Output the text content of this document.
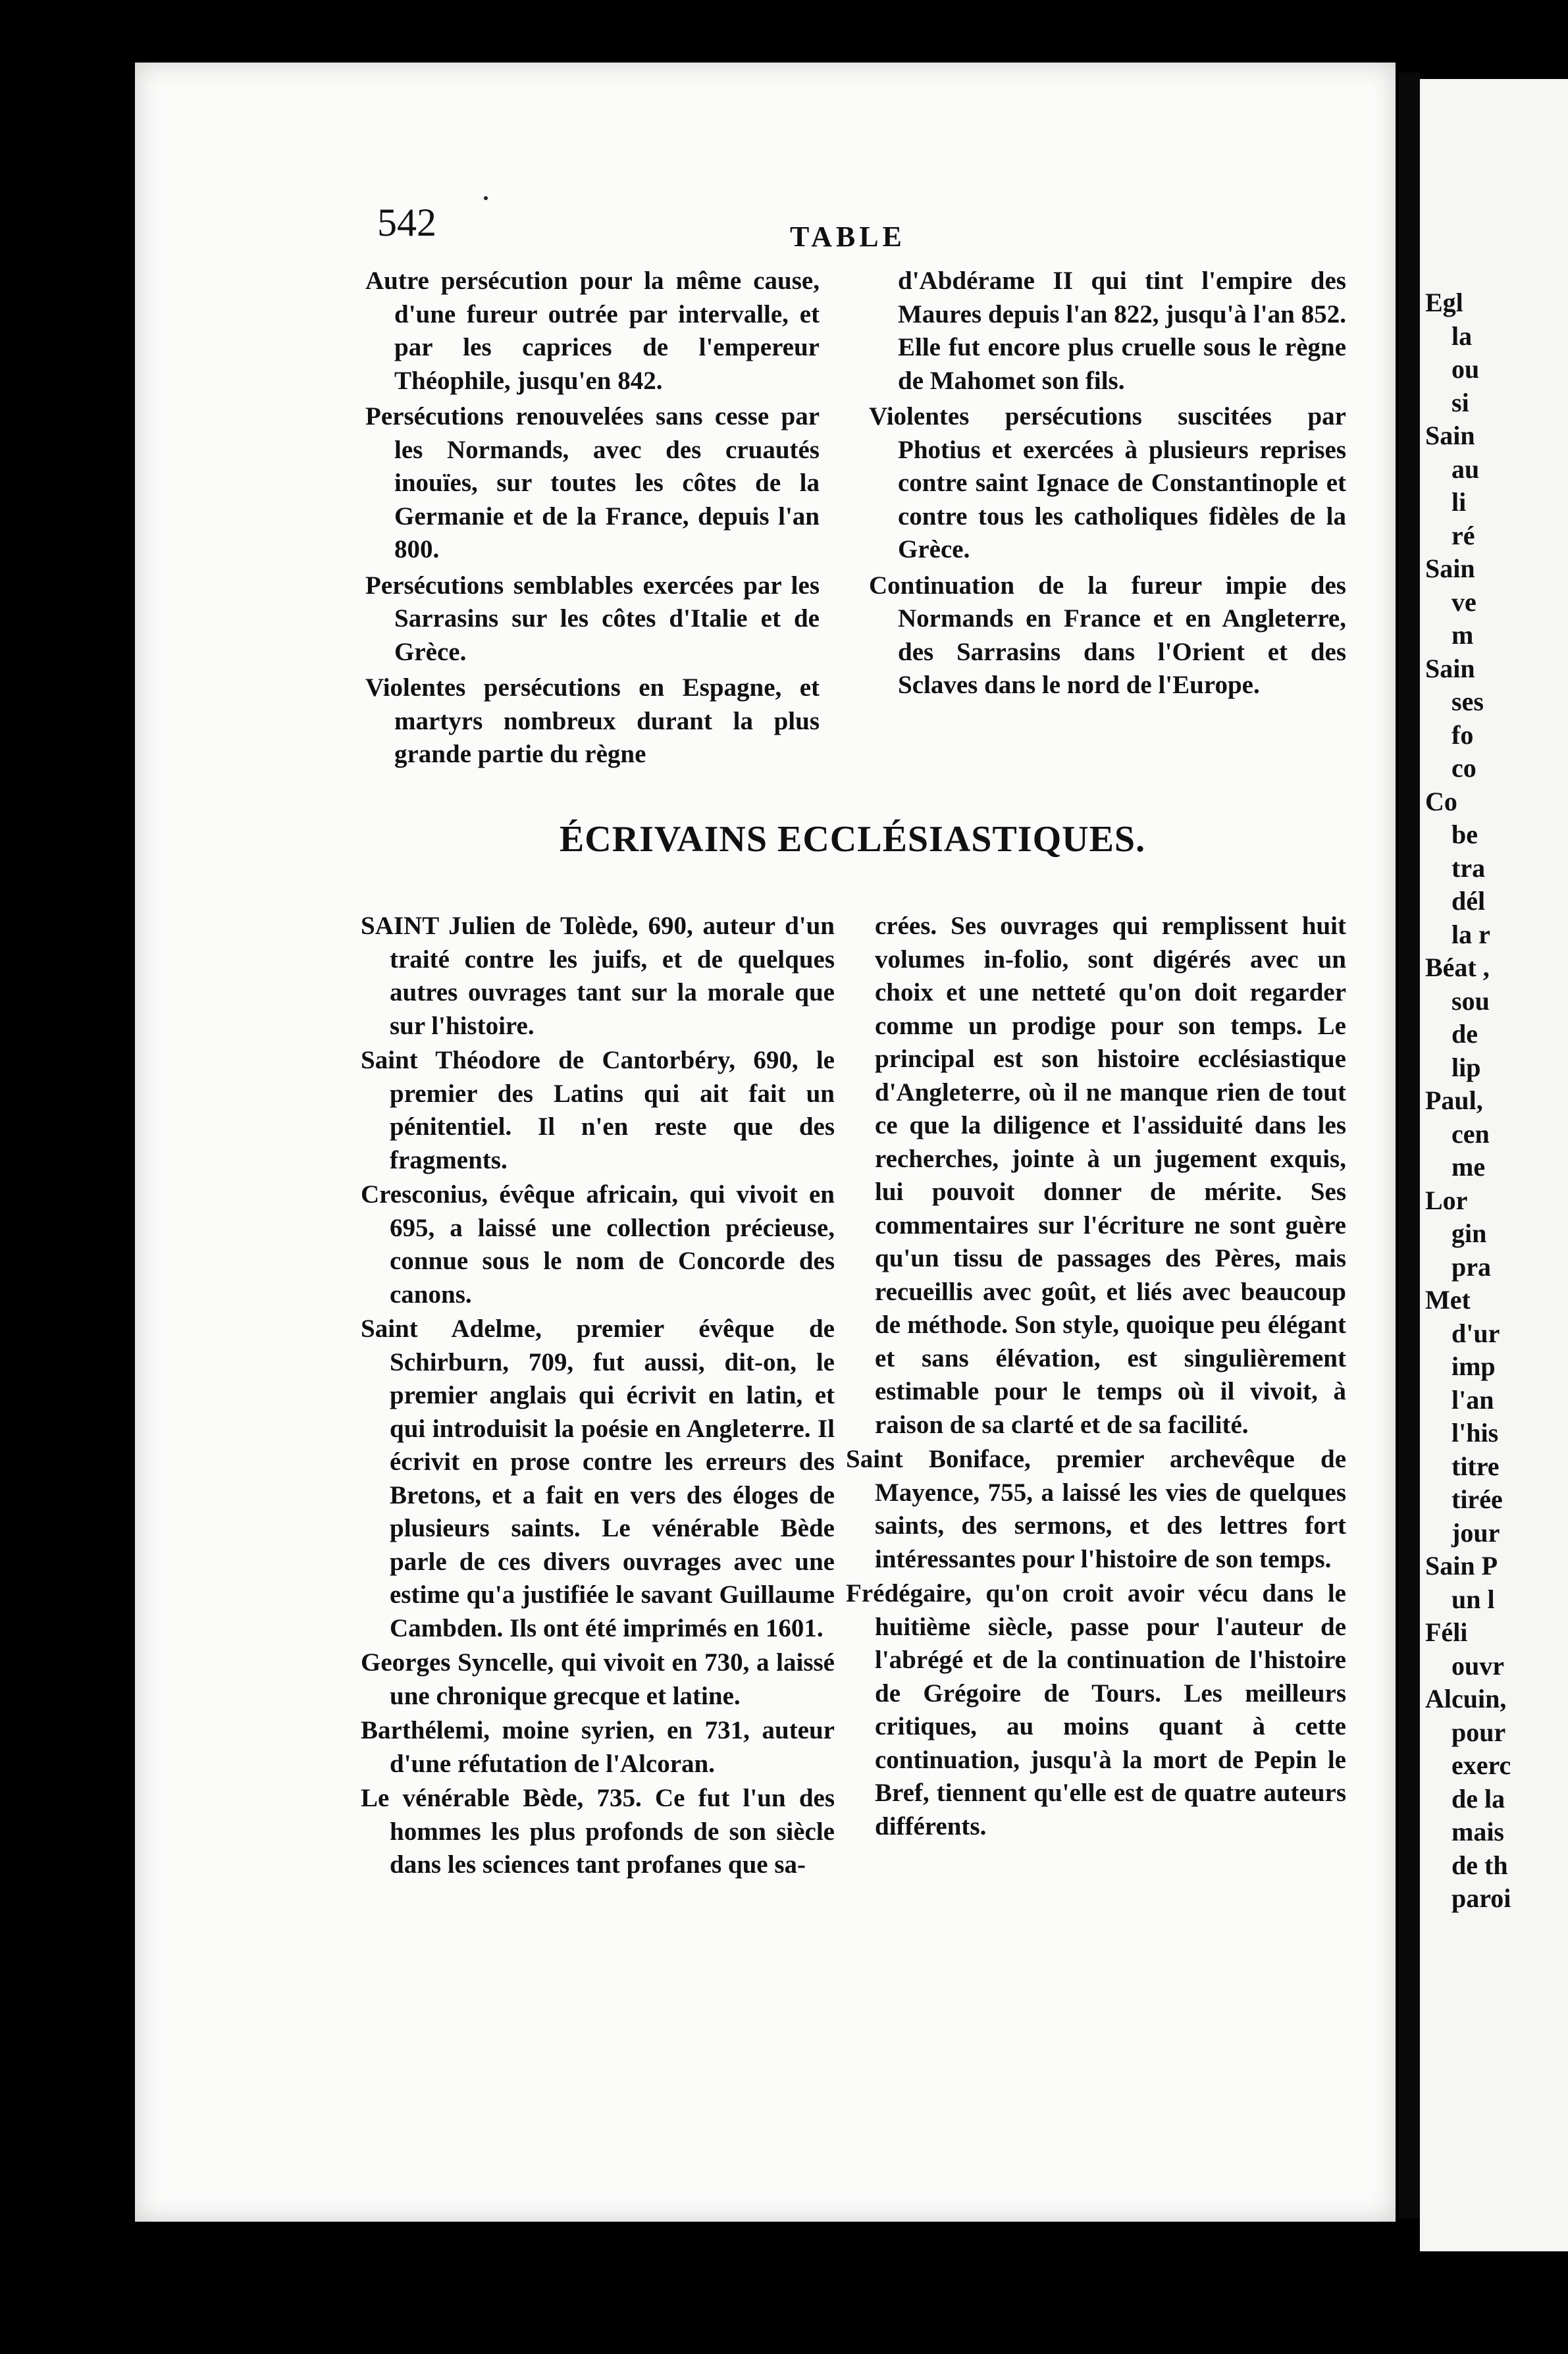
542	TABLE

Autre persécution pour la même cause, d'une fureur outrée par intervalle, et par les caprices de l'empereur Théophile, jusqu'en 842.

Persécutions renouvelées sans cesse par les Normands, avec des cruautés inouïes, sur toutes les côtes de la Germanie et de la France, depuis l'an 800.

Persécutions semblables exercées par les Sarrasins sur les côtes d'Italie et de Grèce.

Violentes persécutions en Espagne, et martyrs nombreux durant la plus grande partie du règne

d'Abdérame II qui tint l'empire des Maures depuis l'an 822, jusqu'à l'an 852. Elle fut encore plus cruelle sous le règne de Mahomet son fils.

Violentes persécutions suscitées par Photius et exercées à plusieurs reprises contre saint Ignace de Constantinople et contre tous les catholiques fidèles de la Grèce.

Continuation de la fureur impie des Normands en France et en Angleterre, des Sarrasins dans l'Orient et des Sclaves dans le nord de l'Europe.

ÉCRIVAINS ECCLÉSIASTIQUES.

SAINT Julien de Tolède, 690, auteur d'un traité contre les juifs, et de quelques autres ouvrages tant sur la morale que sur l'histoire.

Saint Théodore de Cantorbéry, 690, le premier des Latins qui ait fait un pénitentiel. Il n'en reste que des fragments.

Cresconius, évêque africain, qui vivoit en 695, a laissé une collection précieuse, connue sous le nom de Concorde des canons.

Saint Adelme, premier évêque de Schirburn, 709, fut aussi, dit-on, le premier anglais qui écrivit en latin, et qui introduisit la poésie en Angleterre. Il écrivit en prose contre les erreurs des Bretons, et a fait en vers des éloges de plusieurs saints. Le vénérable Bède parle de ces divers ouvrages avec une estime qu'a justifiée le savant Guillaume Cambden. Ils ont été imprimés en 1601.

Georges Syncelle, qui vivoit en 730, a laissé une chronique grecque et latine.

Barthélemi, moine syrien, en 731, auteur d'une réfutation de l'Alcoran.

Le vénérable Bède, 735. Ce fut l'un des hommes les plus profonds de son siècle dans les sciences tant profanes que sa-

crées. Ses ouvrages qui remplissent huit volumes in-folio, sont digérés avec un choix et une netteté qu'on doit regarder comme un prodige pour son temps. Le principal est son histoire ecclésiastique d'Angleterre, où il ne manque rien de tout ce que la diligence et l'assiduité dans les recherches, jointe à un jugement exquis, lui pouvoit donner de mérite. Ses commentaires sur l'écriture ne sont guère qu'un tissu de passages des Pères, mais recueillis avec goût, et liés avec beaucoup de méthode. Son style, quoique peu élégant et sans élévation, est singulièrement estimable pour le temps où il vivoit, à raison de sa clarté et de sa facilité.

Saint Boniface, premier archevêque de Mayence, 755, a laissé les vies de quelques saints, des sermons, et des lettres fort intéressantes pour l'histoire de son temps.

Frédégaire, qu'on croit avoir vécu dans le huitième siècle, passe pour l'auteur de l'abrégé et de la continuation de l'histoire de Grégoire de Tours. Les meilleurs critiques, au moins quant à cette continuation, jusqu'à la mort de Pepin le Bref, tiennent qu'elle est de quatre auteurs différents.

Egl
la
ou
si
Sain
au
li
ré
Sain
ve
m
Sain
ses
fo
co
Co
be
tra
dél
la r
Béat ,
sou
de
lip
Paul,
cen
me
Lor
gin
pra
Met
d'ur
imp
l'an
l'his
titre
tirée
jour
Sain P
un l
Féli
ouvr
Alcuin,
pour
exerc
de la
mais
de th
paroi
